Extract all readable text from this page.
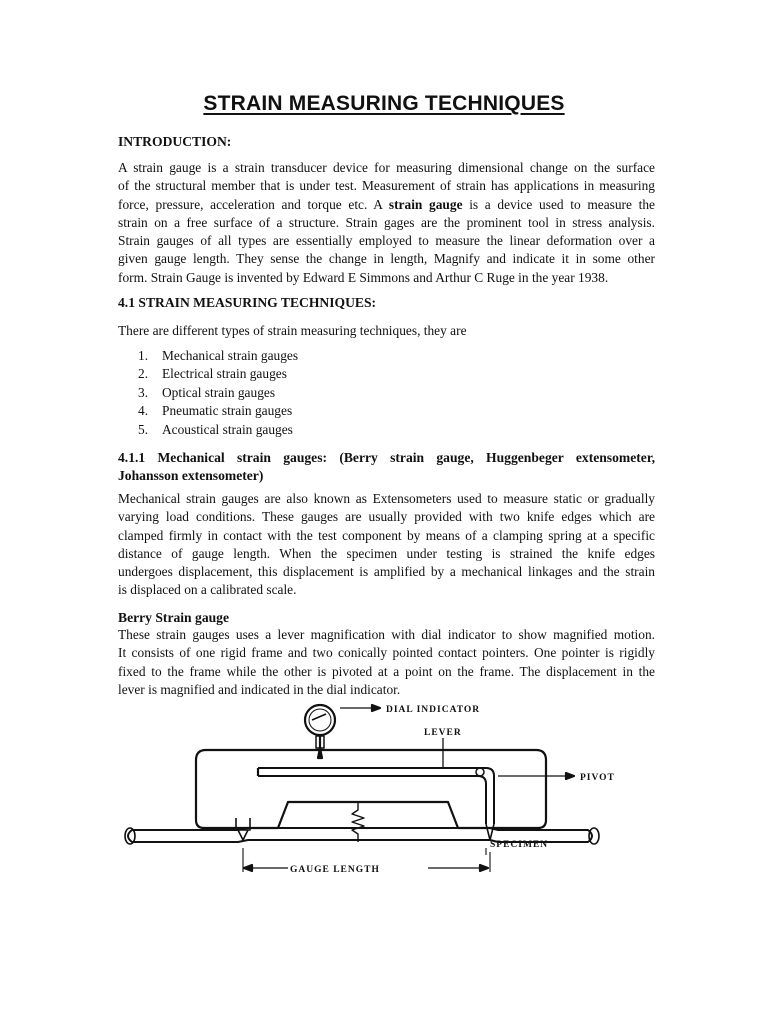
STRAIN MEASURING TECHNIQUES
INTRODUCTION:
A strain gauge is a strain transducer device for measuring dimensional change on the surface
of the structural member that is under test. Measurement of strain has applications in measuring
force, pressure, acceleration and torque etc. A strain gauge is a device used to measure the
strain on a free surface of a structure. Strain gages are the prominent tool in stress analysis.
Strain gauges of all types are essentially employed to measure the linear deformation over a
given gauge length. They sense the change in length, Magnify and indicate it in some other
form. Strain Gauge is invented by Edward E Simmons and Arthur C Ruge in the year 1938.
4.1 STRAIN MEASURING TECHNIQUES:
There are different types of strain measuring techniques, they are
1. Mechanical strain gauges
2. Electrical strain gauges
3. Optical strain gauges
4. Pneumatic strain gauges
5. Acoustical strain gauges
4.1.1 Mechanical strain gauges: (Berry strain gauge, Huggenbeger extensometer,
Johansson extensometer)
Mechanical strain gauges are also known as Extensometers used to measure static or gradually
varying load conditions. These gauges are usually provided with two knife edges which are
clamped firmly in contact with the test component by means of a clamping spring at a specific
distance of gauge length. When the specimen under testing is strained the knife edges
undergoes displacement, this displacement is amplified by a mechanical linkages and the strain
is displaced on a calibrated scale.
Berry Strain gauge
These strain gauges uses a lever magnification with dial indicator to show magnified motion.
It consists of one rigid frame and two conically pointed contact pointers. One pointer is rigidly
fixed to the frame while the other is pivoted at a point on the frame. The displacement in the
lever is magnified and indicated in the dial indicator.
DIAL INDICATOR
LEVER
PIVOT
SPECIMEN
GAUGE LENGTH
